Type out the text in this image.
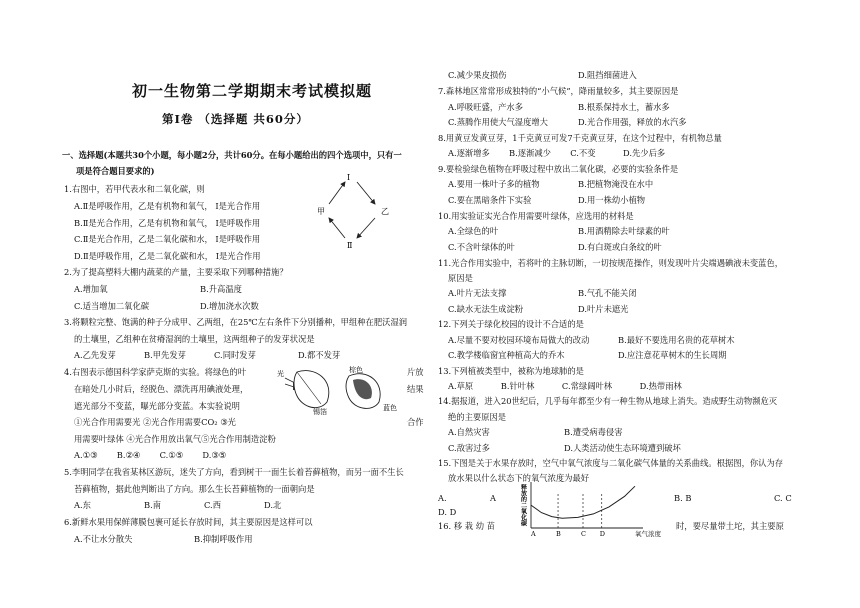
初一生物第二学期期末考试模拟题
第Ⅰ卷 （选择题 共60分）
一、选择题(本题共30个小题，每小题2分，共计60分。在每小题给出的四个选项中，只有一
项是符合题目要求的)
1.右图中，若甲代表水和二氧化碳，则
A.Ⅱ是呼吸作用，乙是有机物和氧气， Ⅰ是光合作用
B.Ⅱ是光合作用，乙是有机物和氧气， Ⅰ是呼吸作用
C.Ⅱ是光合作用，乙是二氧化碳和水， Ⅰ是呼吸作用
D.Ⅱ是呼吸作用，乙是二氧化碳和水， Ⅰ是光合作用
2.为了提高塑料大棚内蔬菜的产量，主要采取下列哪种措施？
A.增加氧	B.升高温度
C.适当增加二氧化碳	D.增加浇水次数
3.将颗粒完整、饱满的种子分成甲、乙两组，在25℃左右条件下分别播种，甲组种在肥沃湿润
的土壤里，乙组种在贫瘠湿润的土壤里，这两组种子的发芽状况是
A.乙先发芽	B.甲先发芽	C.同时发芽	D.都不发芽
4.右图表示德国科学家萨克斯的实验。将绿色的叶	片放
在暗处几小时后，经脱色、漂洗再用碘液处理，	结果
遮光部分不变蓝，曝光部分变蓝。本实验说明
①光合作用需要光 ②光合作用需要CO₂ ③光	合作
用需要叶绿体 ④光合作用放出氧气⑤光合作用制造淀粉
A.①③　　 B.②④　　 C.①⑤　　 D.③⑤
5.李明同学在我省某林区游玩，迷失了方向，看到树干一面生长着苔藓植物，而另一面不生长
苔藓植物，据此他判断出了方向。那么生长苔藓植物的一面朝向是
A.东	B.南	C.西	D.北
6.新鲜水果用保鲜薄膜包裹可延长存放时间，其主要原因是这样可以
A.不让水分散失	B.抑制呼吸作用
Ⅰ
甲	乙
Ⅱ
光
锡箔
棕色
蓝色
C.减少果皮损伤	D.阻挡细菌进入
7.森林地区常常形成独特的“小气候”，降雨量较多，其主要原因是
A.呼吸旺盛，产水多	B.根系保持水土，蓄水多
C.蒸腾作用使大气湿度增大	D.光合作用强，释放的水汽多
8.用黄豆发黄豆芽，1千克黄豆可发7千克黄豆芽，在这个过程中，有机物总量
A.逐渐增多　　 B.逐渐减少　　 C.不变　　　 D.先少后多
9.要检验绿色植物在呼吸过程中放出二氧化碳，必要的实验条件是
A.要用一株叶子多的植物	B.把植物淹没在水中
C.要在黑暗条件下实验	D.用一株幼小植物
10.用实验证实光合作用需要叶绿体，应选用的材料是
A.全绿色的叶	B.用酒精除去叶绿素的叶
C.不含叶绿体的叶	D.有白斑或白条纹的叶
11.光合作用实验中，若将叶的主脉切断，一切按规范操作，则发现叶片尖端遇碘液未变蓝色，
原因是
A.叶片无法支撑	B.气孔不能关闭
C.缺水无法生成淀粉	D.叶片未遮光
12.下列关于绿化校园的设计不合适的是
A.尽量不要对校园环境布局做大的改动	B.最好不要选用名贵的花草树木
C.教学楼临窗宜种植高大的乔木	D.应注意花草树木的生长周期
13.下列植被类型中，被称为地球肺的是
A.草原　　　 B.针叶林　　　 C.常绿阔叶林　　　 D.热带雨林
14.据报道，进入20世纪后，几乎每年都至少有一种生物从地球上消失。造成野生动物濒危灭
绝的主要原因是
A.自然灾害	B.遭受病毒侵害
C.敌害过多	D.人类活动使生态环境遭到破坏
15.下图是关于水果存放时，空气中氧气浓度与二氧化碳气体量的关系曲线。根据图，你认为存
放水果以什么状态下的氧气浓度为最好
A.	A	B. B	C. C
D. D
16. 移 栽 幼 苗	时，要尽量带土坨，其主要原
释放的二氧化碳
氧气浓度
A	B	C D
